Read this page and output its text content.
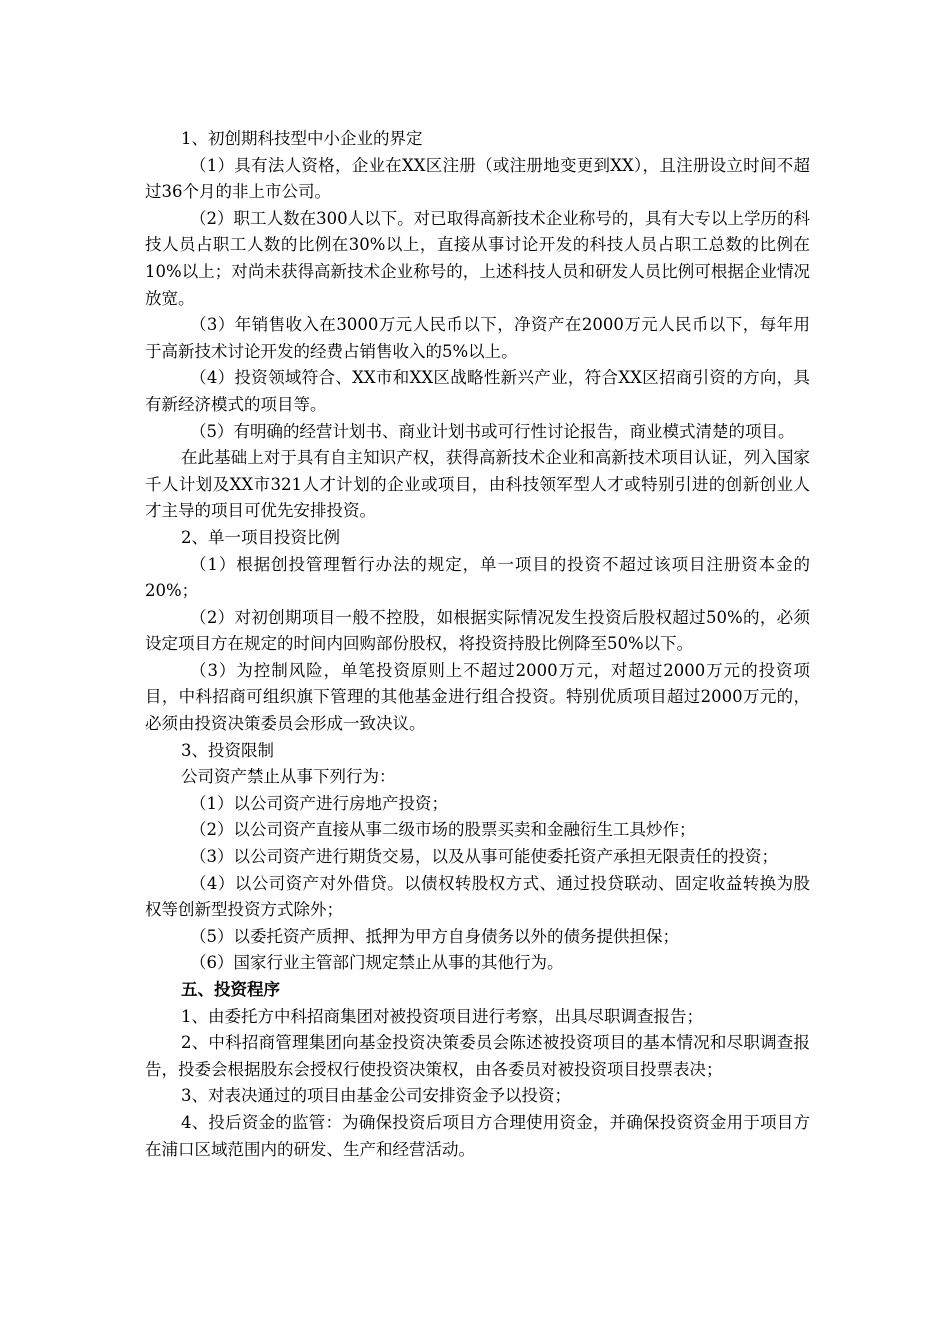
1、初创期科技型中小企业的界定

（1）具有法人资格，企业在XX区注册（或注册地变更到XX），且注册设立时间不超过36个月的非上市公司。

（2）职工人数在300人以下。对已取得高新技术企业称号的，具有大专以上学历的科技人员占职工人数的比例在30%以上，直接从事讨论开发的科技人员占职工总数的比例在10%以上；对尚未获得高新技术企业称号的，上述科技人员和研发人员比例可根据企业情况放宽。

（3）年销售收入在3000万元人民币以下，净资产在2000万元人民币以下，每年用于高新技术讨论开发的经费占销售收入的5%以上。

（4）投资领域符合、XX市和XX区战略性新兴产业，符合XX区招商引资的方向，具有新经济模式的项目等。

（5）有明确的经营计划书、商业计划书或可行性讨论报告，商业模式清楚的项目。

在此基础上对于具有自主知识产权，获得高新技术企业和高新技术项目认证，列入国家千人计划及XX市321人才计划的企业或项目，由科技领军型人才或特别引进的创新创业人才主导的项目可优先安排投资。

2、单一项目投资比例

（1）根据创投管理暂行办法的规定，单一项目的投资不超过该项目注册资本金的20%；

（2）对初创期项目一般不控股，如根据实际情况发生投资后股权超过50%的，必须设定项目方在规定的时间内回购部份股权，将投资持股比例降至50%以下。

（3）为控制风险，单笔投资原则上不超过2000万元，对超过2000万元的投资项目，中科招商可组织旗下管理的其他基金进行组合投资。特别优质项目超过2000万元的，必须由投资决策委员会形成一致决议。

3、投资限制

公司资产禁止从事下列行为：

（1）以公司资产进行房地产投资；

（2）以公司资产直接从事二级市场的股票买卖和金融衍生工具炒作；

（3）以公司资产进行期货交易，以及从事可能使委托资产承担无限责任的投资；

（4）以公司资产对外借贷。以债权转股权方式、通过投贷联动、固定收益转换为股权等创新型投资方式除外；

（5）以委托资产质押、抵押为甲方自身债务以外的债务提供担保；

（6）国家行业主管部门规定禁止从事的其他行为。

五、投资程序

1、由委托方中科招商集团对被投资项目进行考察，出具尽职调查报告；

2、中科招商管理集团向基金投资决策委员会陈述被投资项目的基本情况和尽职调查报告，投委会根据股东会授权行使投资决策权，由各委员对被投资项目投票表决；

3、对表决通过的项目由基金公司安排资金予以投资；

4、投后资金的监管：为确保投资后项目方合理使用资金，并确保投资资金用于项目方在浦口区域范围内的研发、生产和经营活动。
